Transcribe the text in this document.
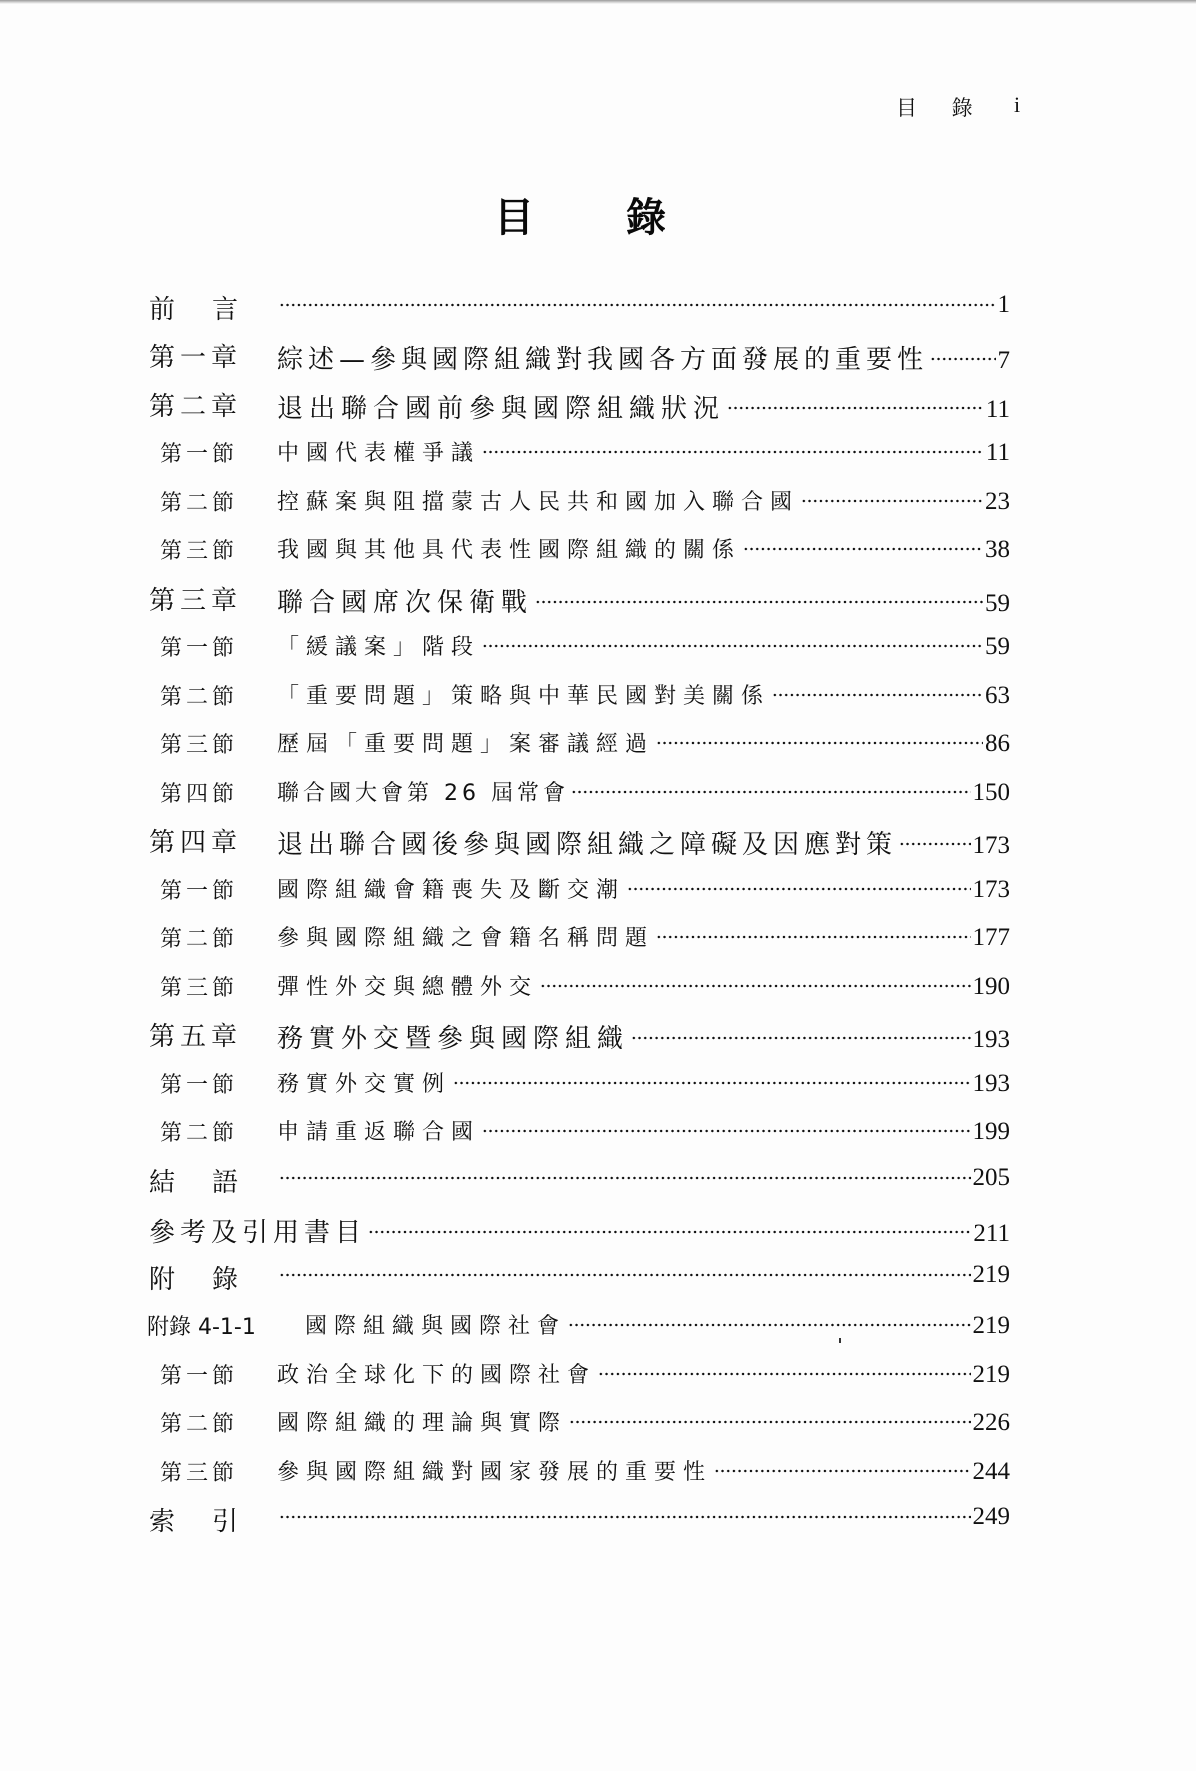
目 錄 i
目錄
前言	1
第一章 綜述—參與國際組織對我國各方面發展的重要性	7
第二章 退出聯合國前參與國際組織狀況	11
第一節 中國代表權爭議	11
第二節 控蘇案與阻擋蒙古人民共和國加入聯合國	23
第三節 我國與其他具代表性國際組織的關係	38
第三章 聯合國席次保衛戰	59
第一節 「緩議案」階段	59
第二節 「重要問題」策略與中華民國對美關係	63
第三節 歷屆「重要問題」案審議經過	86
第四節 聯合國大會第 26 屆常會	150
第四章 退出聯合國後參與國際組織之障礙及因應對策	173
第一節 國際組織會籍喪失及斷交潮	173
第二節 參與國際組織之會籍名稱問題	177
第三節 彈性外交與總體外交	190
第五章 務實外交暨參與國際組織	193
第一節 務實外交實例	193
第二節 申請重返聯合國	199
結語	205
參考及引用書目	211
附錄	219
附錄 4-1-1 國際組織與國際社會	219
第一節 政治全球化下的國際社會	219
第二節 國際組織的理論與實際	226
第三節 參與國際組織對國家發展的重要性	244
索引	249
